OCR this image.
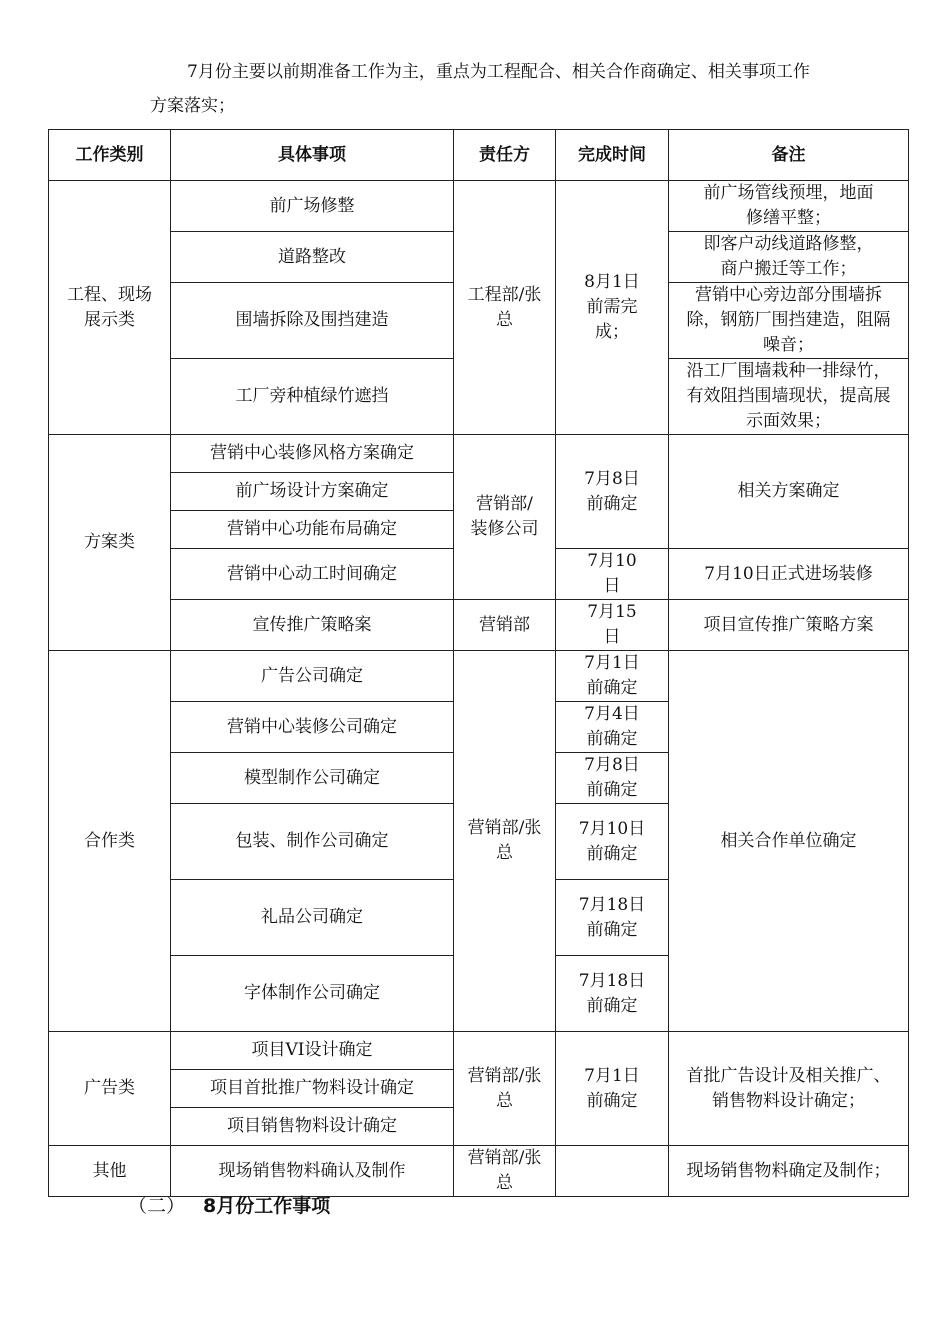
7月份主要以前期准备工作为主，重点为工程配合、相关合作商确定、相关事项工作
方案落实；

工作类别	具体事项	责任方	完成时间	备注
工程、现场展示类	前广场修整	工程部/张总	8月1日前需完成；	前广场管线预埋，地面修缮平整；
	道路整改			即客户动线道路修整，商户搬迁等工作；
	围墙拆除及围挡建造			营销中心旁边部分围墙拆除，钢筋厂围挡建造，阻隔噪音；
	工厂旁种植绿竹遮挡			沿工厂围墙栽种一排绿竹，有效阻挡围墙现状，提高展示面效果；
方案类	营销中心装修风格方案确定	营销部/装修公司	7月8日前确定	相关方案确定
	前广场设计方案确定			
	营销中心功能布局确定			
	营销中心动工时间确定		7月10日	7月10日正式进场装修
	宣传推广策略案	营销部	7月15日	项目宣传推广策略方案
合作类	广告公司确定	营销部/张总	7月1日前确定	相关合作单位确定
	营销中心装修公司确定		7月4日前确定	
	模型制作公司确定		7月8日前确定	
	包装、制作公司确定		7月10日前确定	
	礼品公司确定		7月18日前确定	
	字体制作公司确定		7月18日前确定	
广告类	项目VI设计确定	营销部/张总	7月1日前确定	首批广告设计及相关推广、销售物料设计确定；
	项目首批推广物料设计确定			
	项目销售物料设计确定			
其他	现场销售物料确认及制作	营销部/张总		现场销售物料确定及制作；
（二） 8月份工作事项
